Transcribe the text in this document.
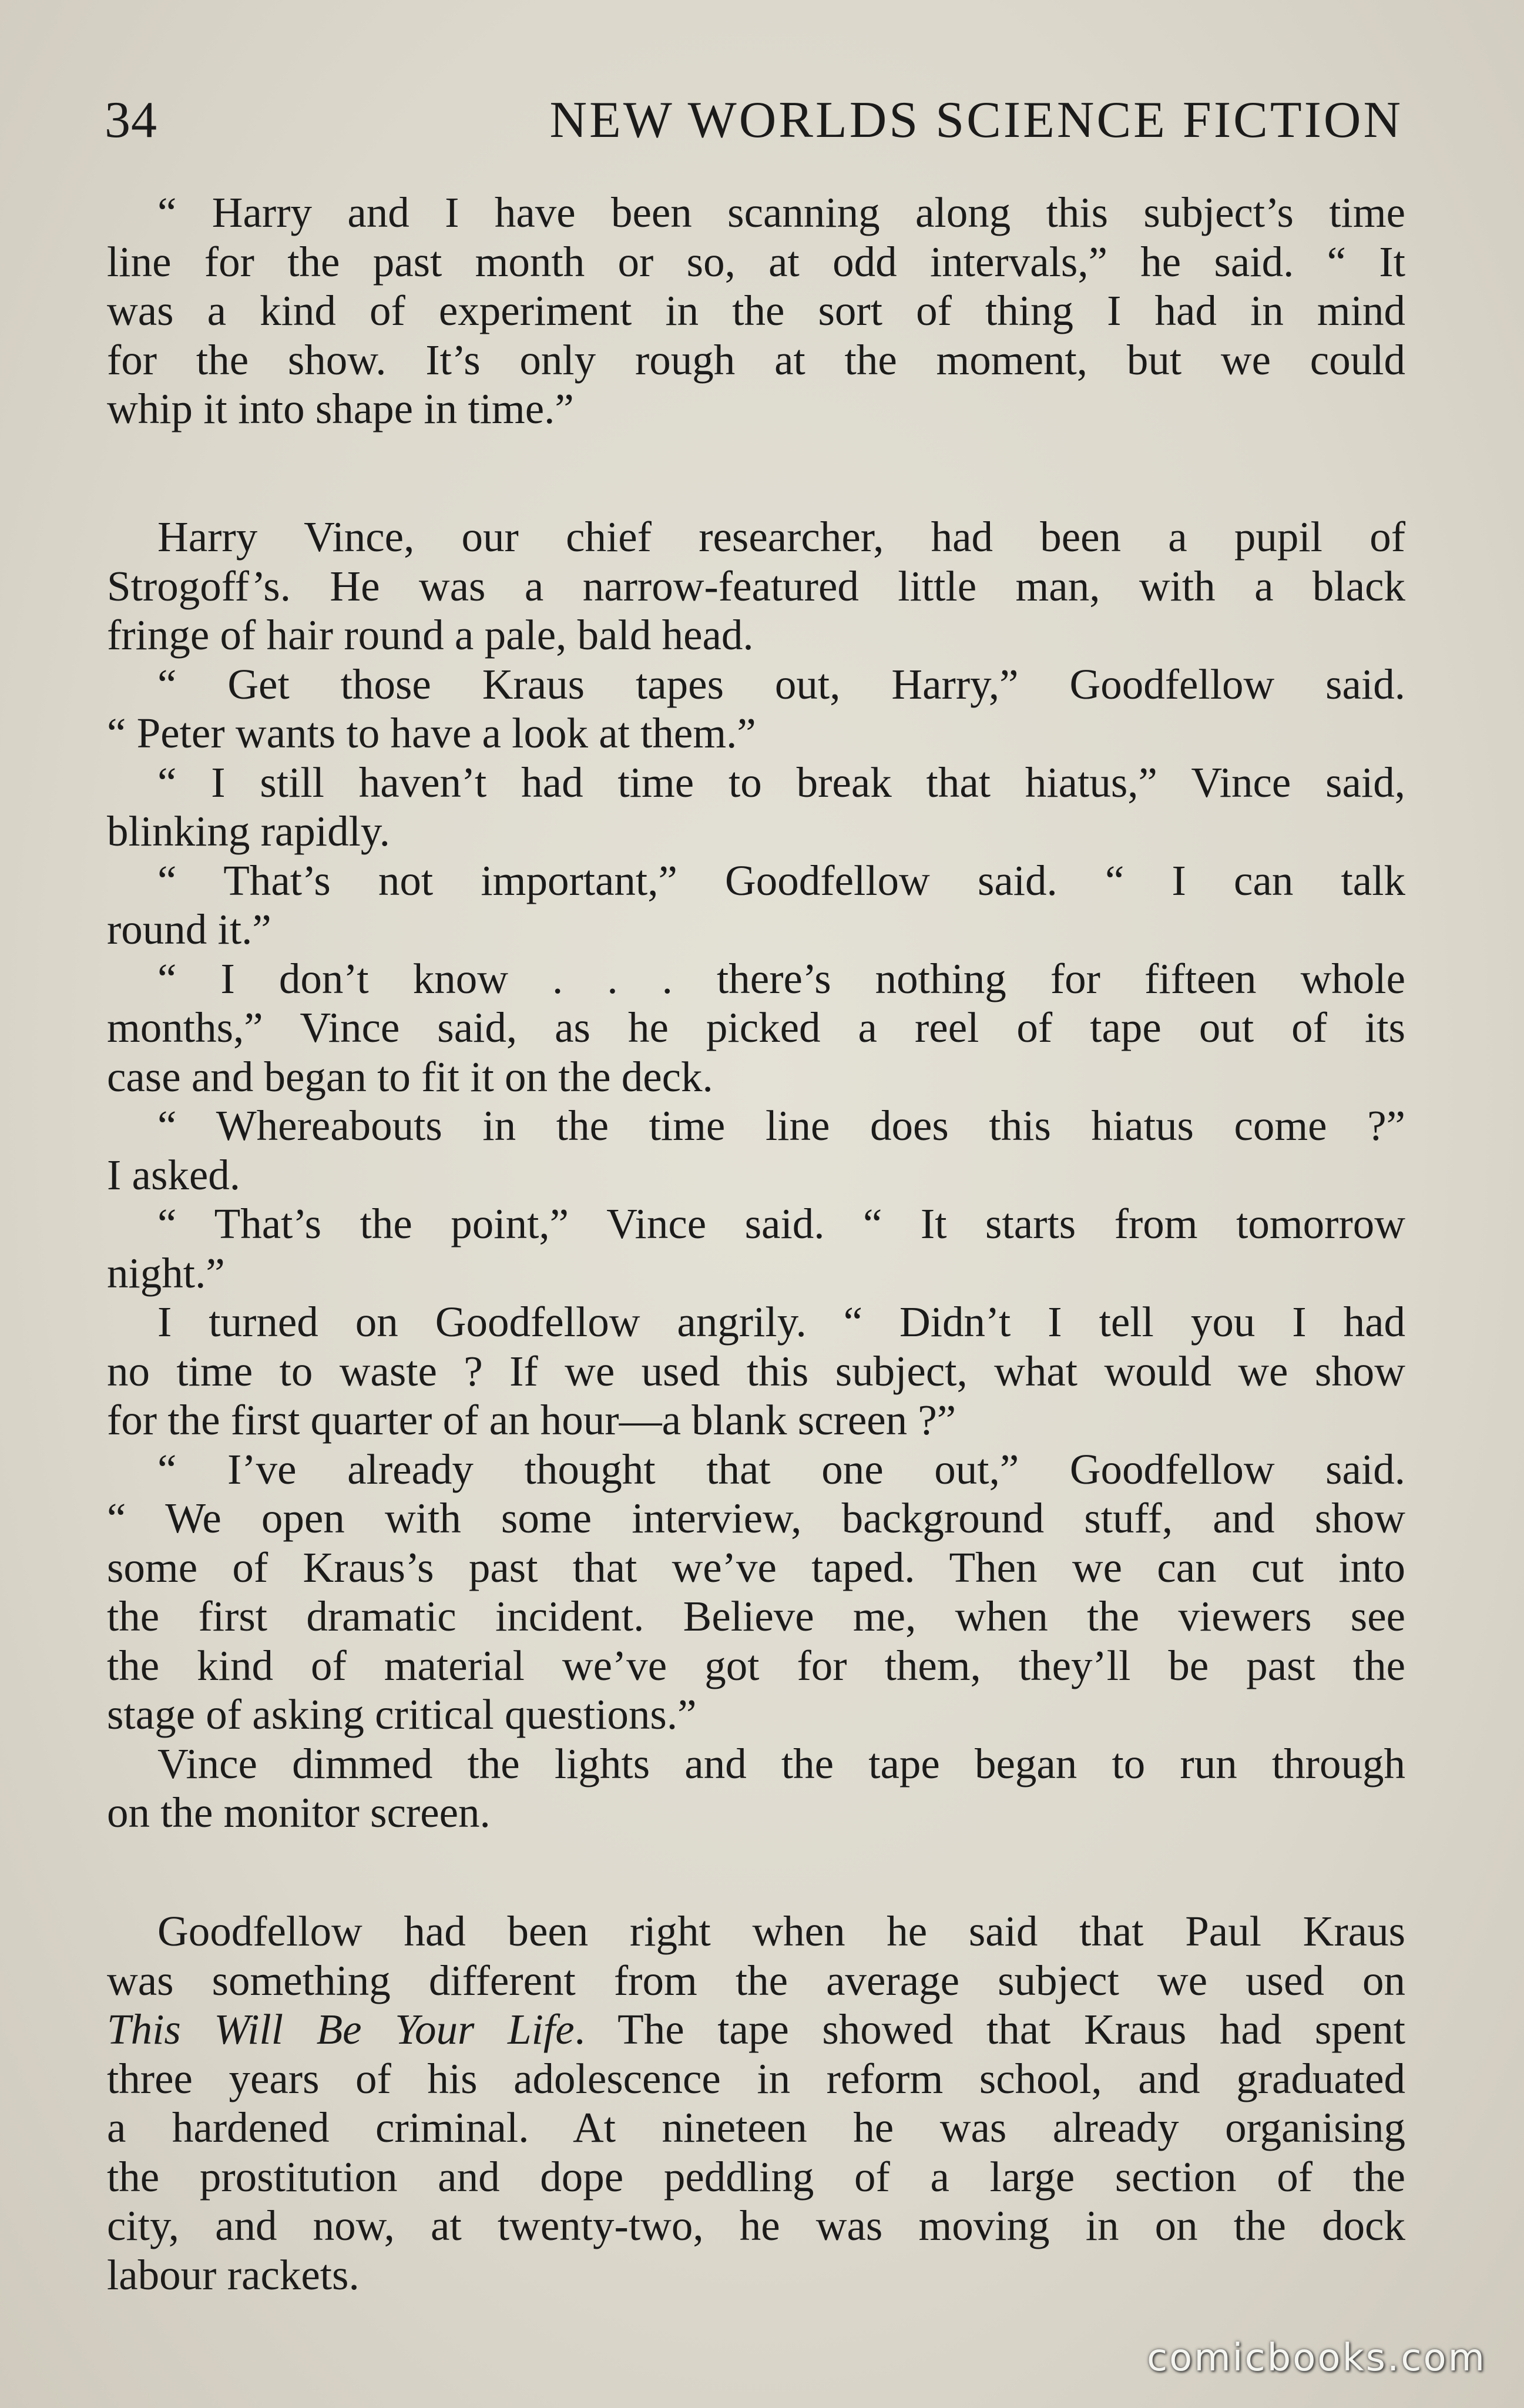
34	NEW WORLDS SCIENCE FICTION
“ Harry and I have been scanning along this subject’s time
line for the past month or so, at odd intervals,” he said. “ It
was a kind of experiment in the sort of thing I had in mind
for the show. It’s only rough at the moment, but we could
whip it into shape in time.”
Harry Vince, our chief researcher, had been a pupil of
Strogoff’s. He was a narrow-featured little man, with a black
fringe of hair round a pale, bald head.
“ Get those Kraus tapes out, Harry,” Goodfellow said.
“ Peter wants to have a look at them.”
“ I still haven’t had time to break that hiatus,” Vince said,
blinking rapidly.
“ That’s not important,” Goodfellow said. “ I can talk
round it.”
“ I don’t know . . . there’s nothing for fifteen whole
months,” Vince said, as he picked a reel of tape out of its
case and began to fit it on the deck.
“ Whereabouts in the time line does this hiatus come ?”
I asked.
“ That’s the point,” Vince said. “ It starts from tomorrow
night.”
I turned on Goodfellow angrily. “ Didn’t I tell you I had
no time to waste ? If we used this subject, what would we show
for the first quarter of an hour—a blank screen ?”
“ I’ve already thought that one out,” Goodfellow said.
“ We open with some interview, background stuff, and show
some of Kraus’s past that we’ve taped. Then we can cut into
the first dramatic incident. Believe me, when the viewers see
the kind of material we’ve got for them, they’ll be past the
stage of asking critical questions.”
Vince dimmed the lights and the tape began to run through
on the monitor screen.
Goodfellow had been right when he said that Paul Kraus
was something different from the average subject we used on
This Will Be Your Life. The tape showed that Kraus had spent
three years of his adolescence in reform school, and graduated
a hardened criminal. At nineteen he was already organising
the prostitution and dope peddling of a large section of the
city, and now, at twenty-two, he was moving in on the dock
labour rackets.
comicbooks.com
